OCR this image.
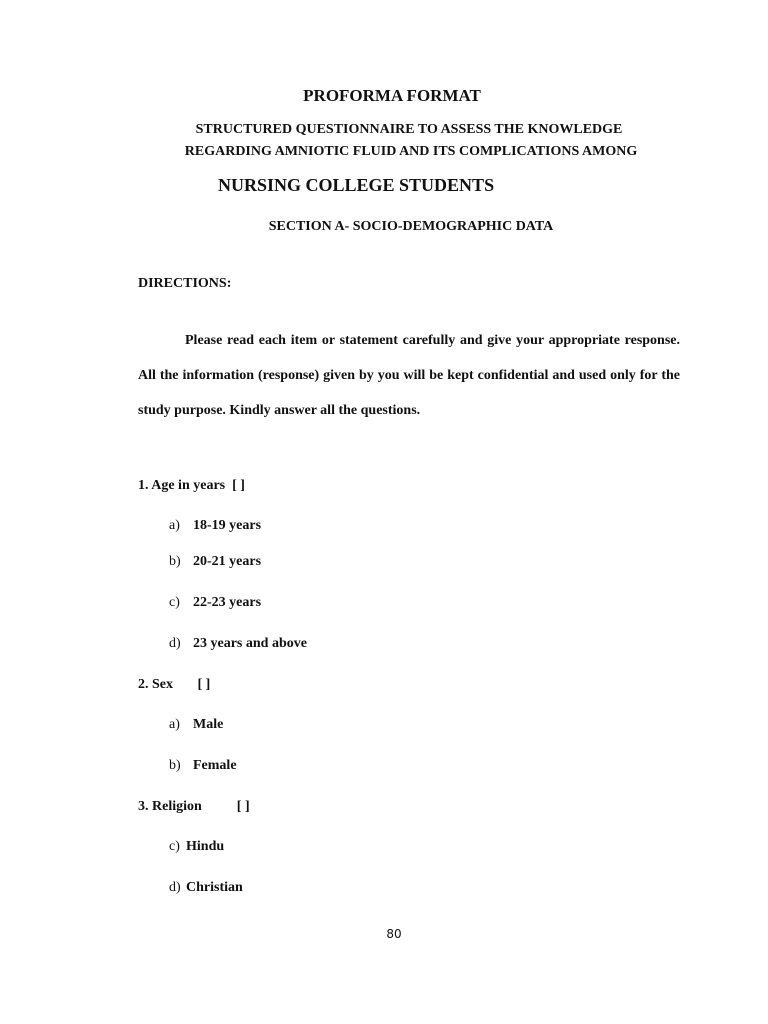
PROFORMA FORMAT
STRUCTURED QUESTIONNAIRE TO ASSESS THE KNOWLEDGE
REGARDING AMNIOTIC FLUID AND ITS COMPLICATIONS AMONG
NURSING COLLEGE STUDENTS
SECTION A- SOCIO-DEMOGRAPHIC DATA
DIRECTIONS:
Please read each item or statement carefully and give your appropriate response. All the information (response) given by you will be kept confidential and used only for the study purpose. Kindly answer all the questions.
1. Age in years  [ ]
a) 18-19 years
b) 20-21 years
c) 22-23 years
d) 23 years and above
2. Sex       [ ]
a) Male
b) Female
3. Religion          [ ]
c) Hindu
d) Christian
80
